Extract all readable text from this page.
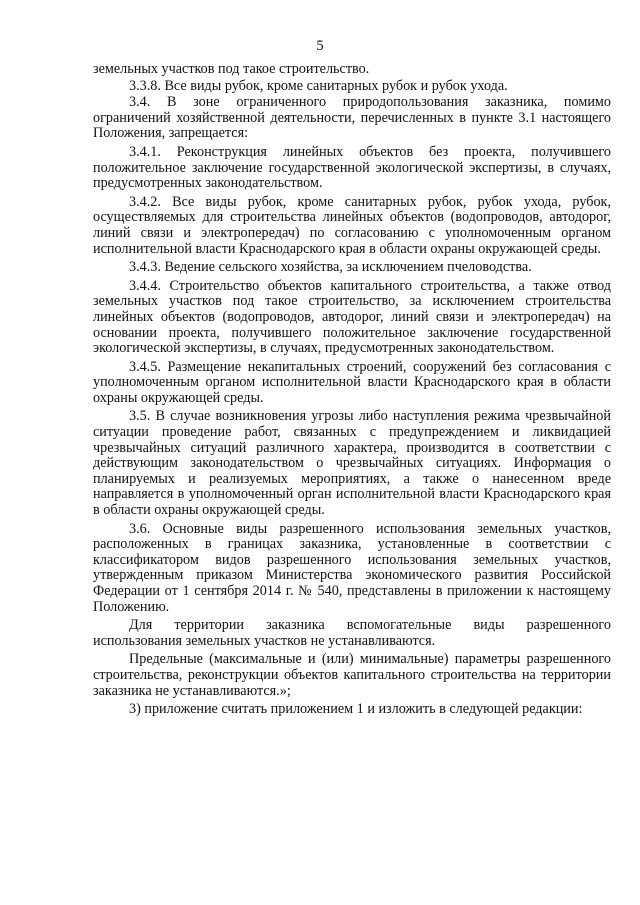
5

земельных участков под такое строительство.

3.3.8. Все виды рубок, кроме санитарных рубок и рубок ухода.

3.4. В зоне ограниченного природопользования заказника, помимо ограничений хозяйственной деятельности, перечисленных в пункте 3.1 настоящего Положения, запрещается:

3.4.1. Реконструкция линейных объектов без проекта, получившего положительное заключение государственной экологической экспертизы, в случаях, предусмотренных законодательством.

3.4.2. Все виды рубок, кроме санитарных рубок, рубок ухода, рубок, осуществляемых для строительства линейных объектов (водопроводов, автодорог, линий связи и электропередач) по согласованию с уполномоченным органом исполнительной власти Краснодарского края в области охраны окружающей среды.

3.4.3. Ведение сельского хозяйства, за исключением пчеловодства.

3.4.4. Строительство объектов капитального строительства, а также отвод земельных участков под такое строительство, за исключением строительства линейных объектов (водопроводов, автодорог, линий связи и электропередач) на основании проекта, получившего положительное заключение государственной экологической экспертизы, в случаях, предусмотренных законодательством.

3.4.5. Размещение некапитальных строений, сооружений без согласования с уполномоченным органом исполнительной власти Краснодарского края в области охраны окружающей среды.

3.5. В случае возникновения угрозы либо наступления режима чрезвычайной ситуации проведение работ, связанных с предупреждением и ликвидацией чрезвычайных ситуаций различного характера, производится в соответствии с действующим законодательством о чрезвычайных ситуациях. Информация о планируемых и реализуемых мероприятиях, а также о нанесенном вреде направляется в уполномоченный орган исполнительной власти Краснодарского края в области охраны окружающей среды.

3.6. Основные виды разрешенного использования земельных участков, расположенных в границах заказника, установленные в соответствии с классификатором видов разрешенного использования земельных участков, утвержденным приказом Министерства экономического развития Российской Федерации от 1 сентября 2014 г. № 540, представлены в приложении к настоящему Положению.

Для территории заказника вспомогательные виды разрешенного использования земельных участков не устанавливаются.

Предельные (максимальные и (или) минимальные) параметры разрешенного строительства, реконструкции объектов капитального строительства на территории заказника не устанавливаются.»;

3) приложение считать приложением 1 и изложить в следующей редакции:
